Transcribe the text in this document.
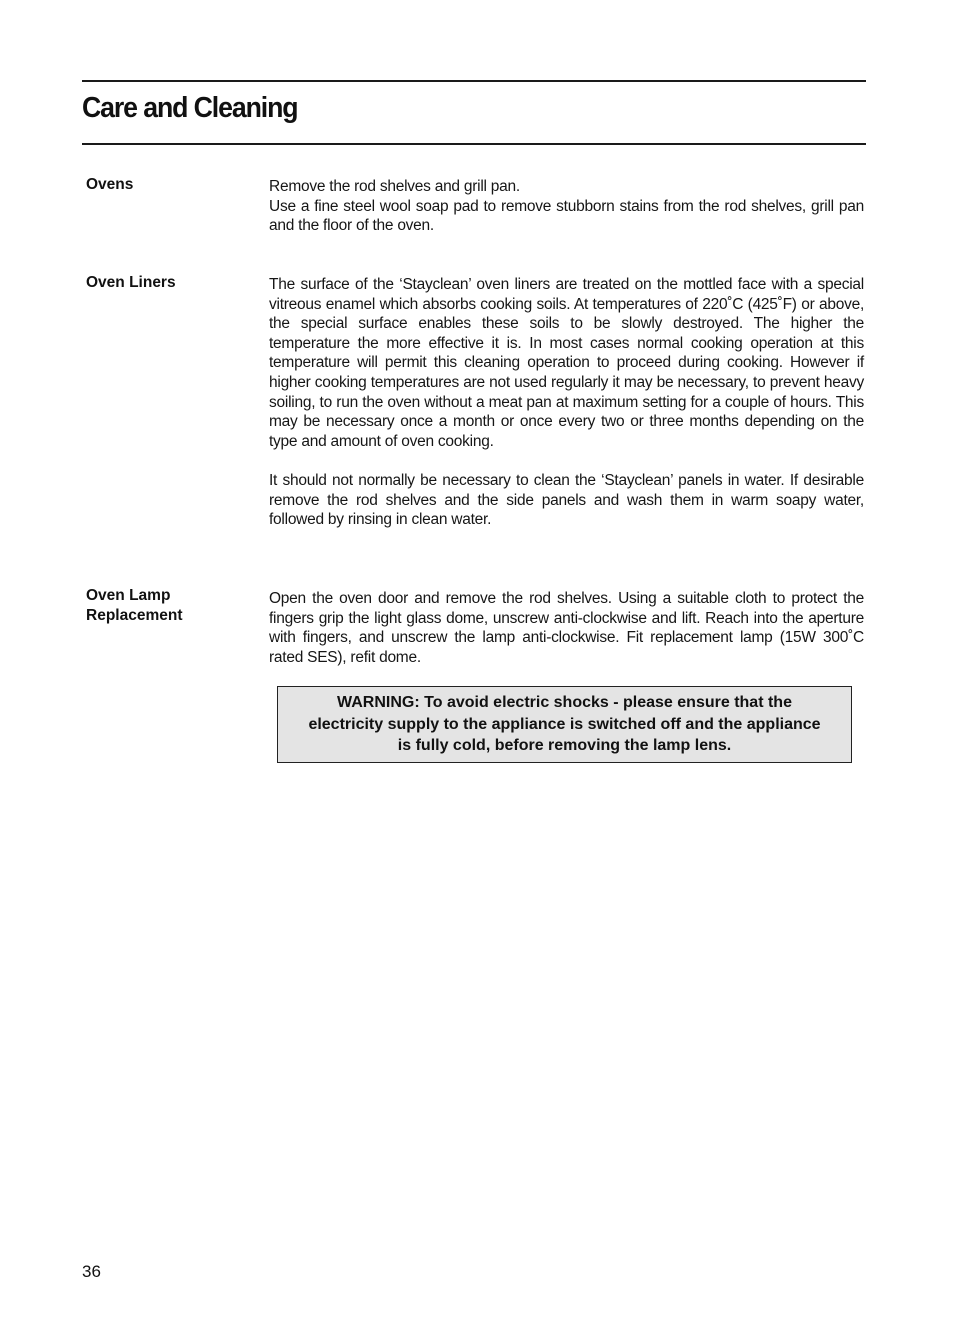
Care and Cleaning
Ovens	Remove the rod shelves and grill pan.

Use a fine steel wool soap pad to remove stubborn stains from the rod shelves, grill pan and the floor of the oven.

Oven Liners	The surface of the ‘Stayclean’ oven liners are treated on the mottled face with a special vitreous enamel which absorbs cooking soils. At temperatures of 220˚C (425˚F) or above, the special surface enables these soils to be slowly destroyed. The higher the temperature the more effective it is. In most cases normal cooking operation at this temperature will permit this cleaning operation to proceed during cooking. However if higher cooking temperatures are not used regularly it may be necessary, to prevent heavy soiling, to run the oven without a meat pan at maximum setting for a couple of hours. This may be necessary once a month or once every two or three months depending on the type and amount of oven cooking.

It should not normally be necessary to clean the ‘Stayclean’ panels in water. If desirable remove the rod shelves and the side panels and wash them in warm soapy water, followed by rinsing in clean water.

Oven Lamp
Replacement

Open the oven door and remove the rod shelves. Using a suitable cloth to protect the fingers grip the light glass dome, unscrew anti-clockwise and lift. Reach into the aperture with fingers, and unscrew the lamp anti-clockwise. Fit replacement lamp (15W 300˚C rated SES), refit dome.

WARNING: To avoid electric shocks - please ensure that the electricity supply to the appliance is switched off and the appliance is fully cold, before removing the lamp lens.
36
